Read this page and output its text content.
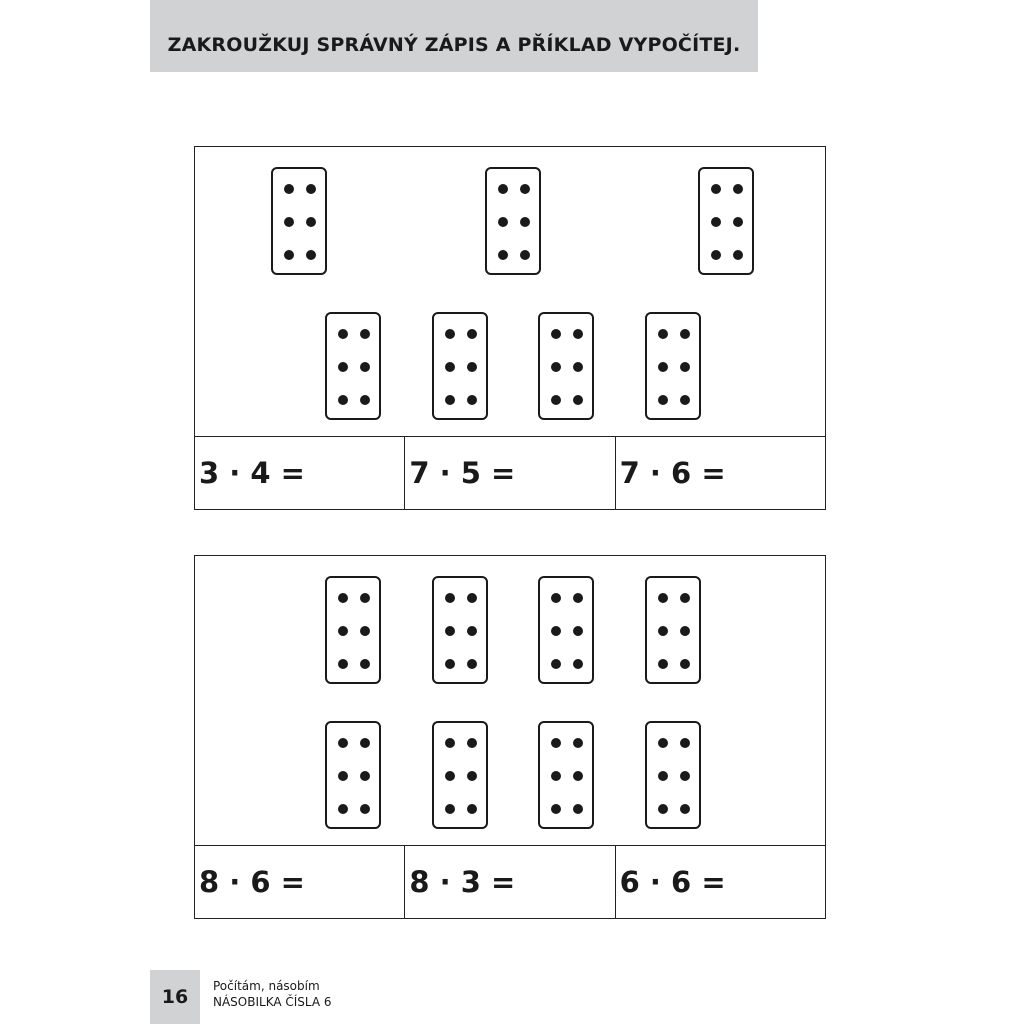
ZAKROUŽKUJ SPRÁVNÝ ZÁPIS A PŘÍKLAD VYPOČÍTEJ.
3 · 4 =	7 · 5 =	7 · 6 =
8 · 6 =	8 · 3 =	6 · 6 =
16	Počítám, násobím
NÁSOBILKA ČÍSLA 6
